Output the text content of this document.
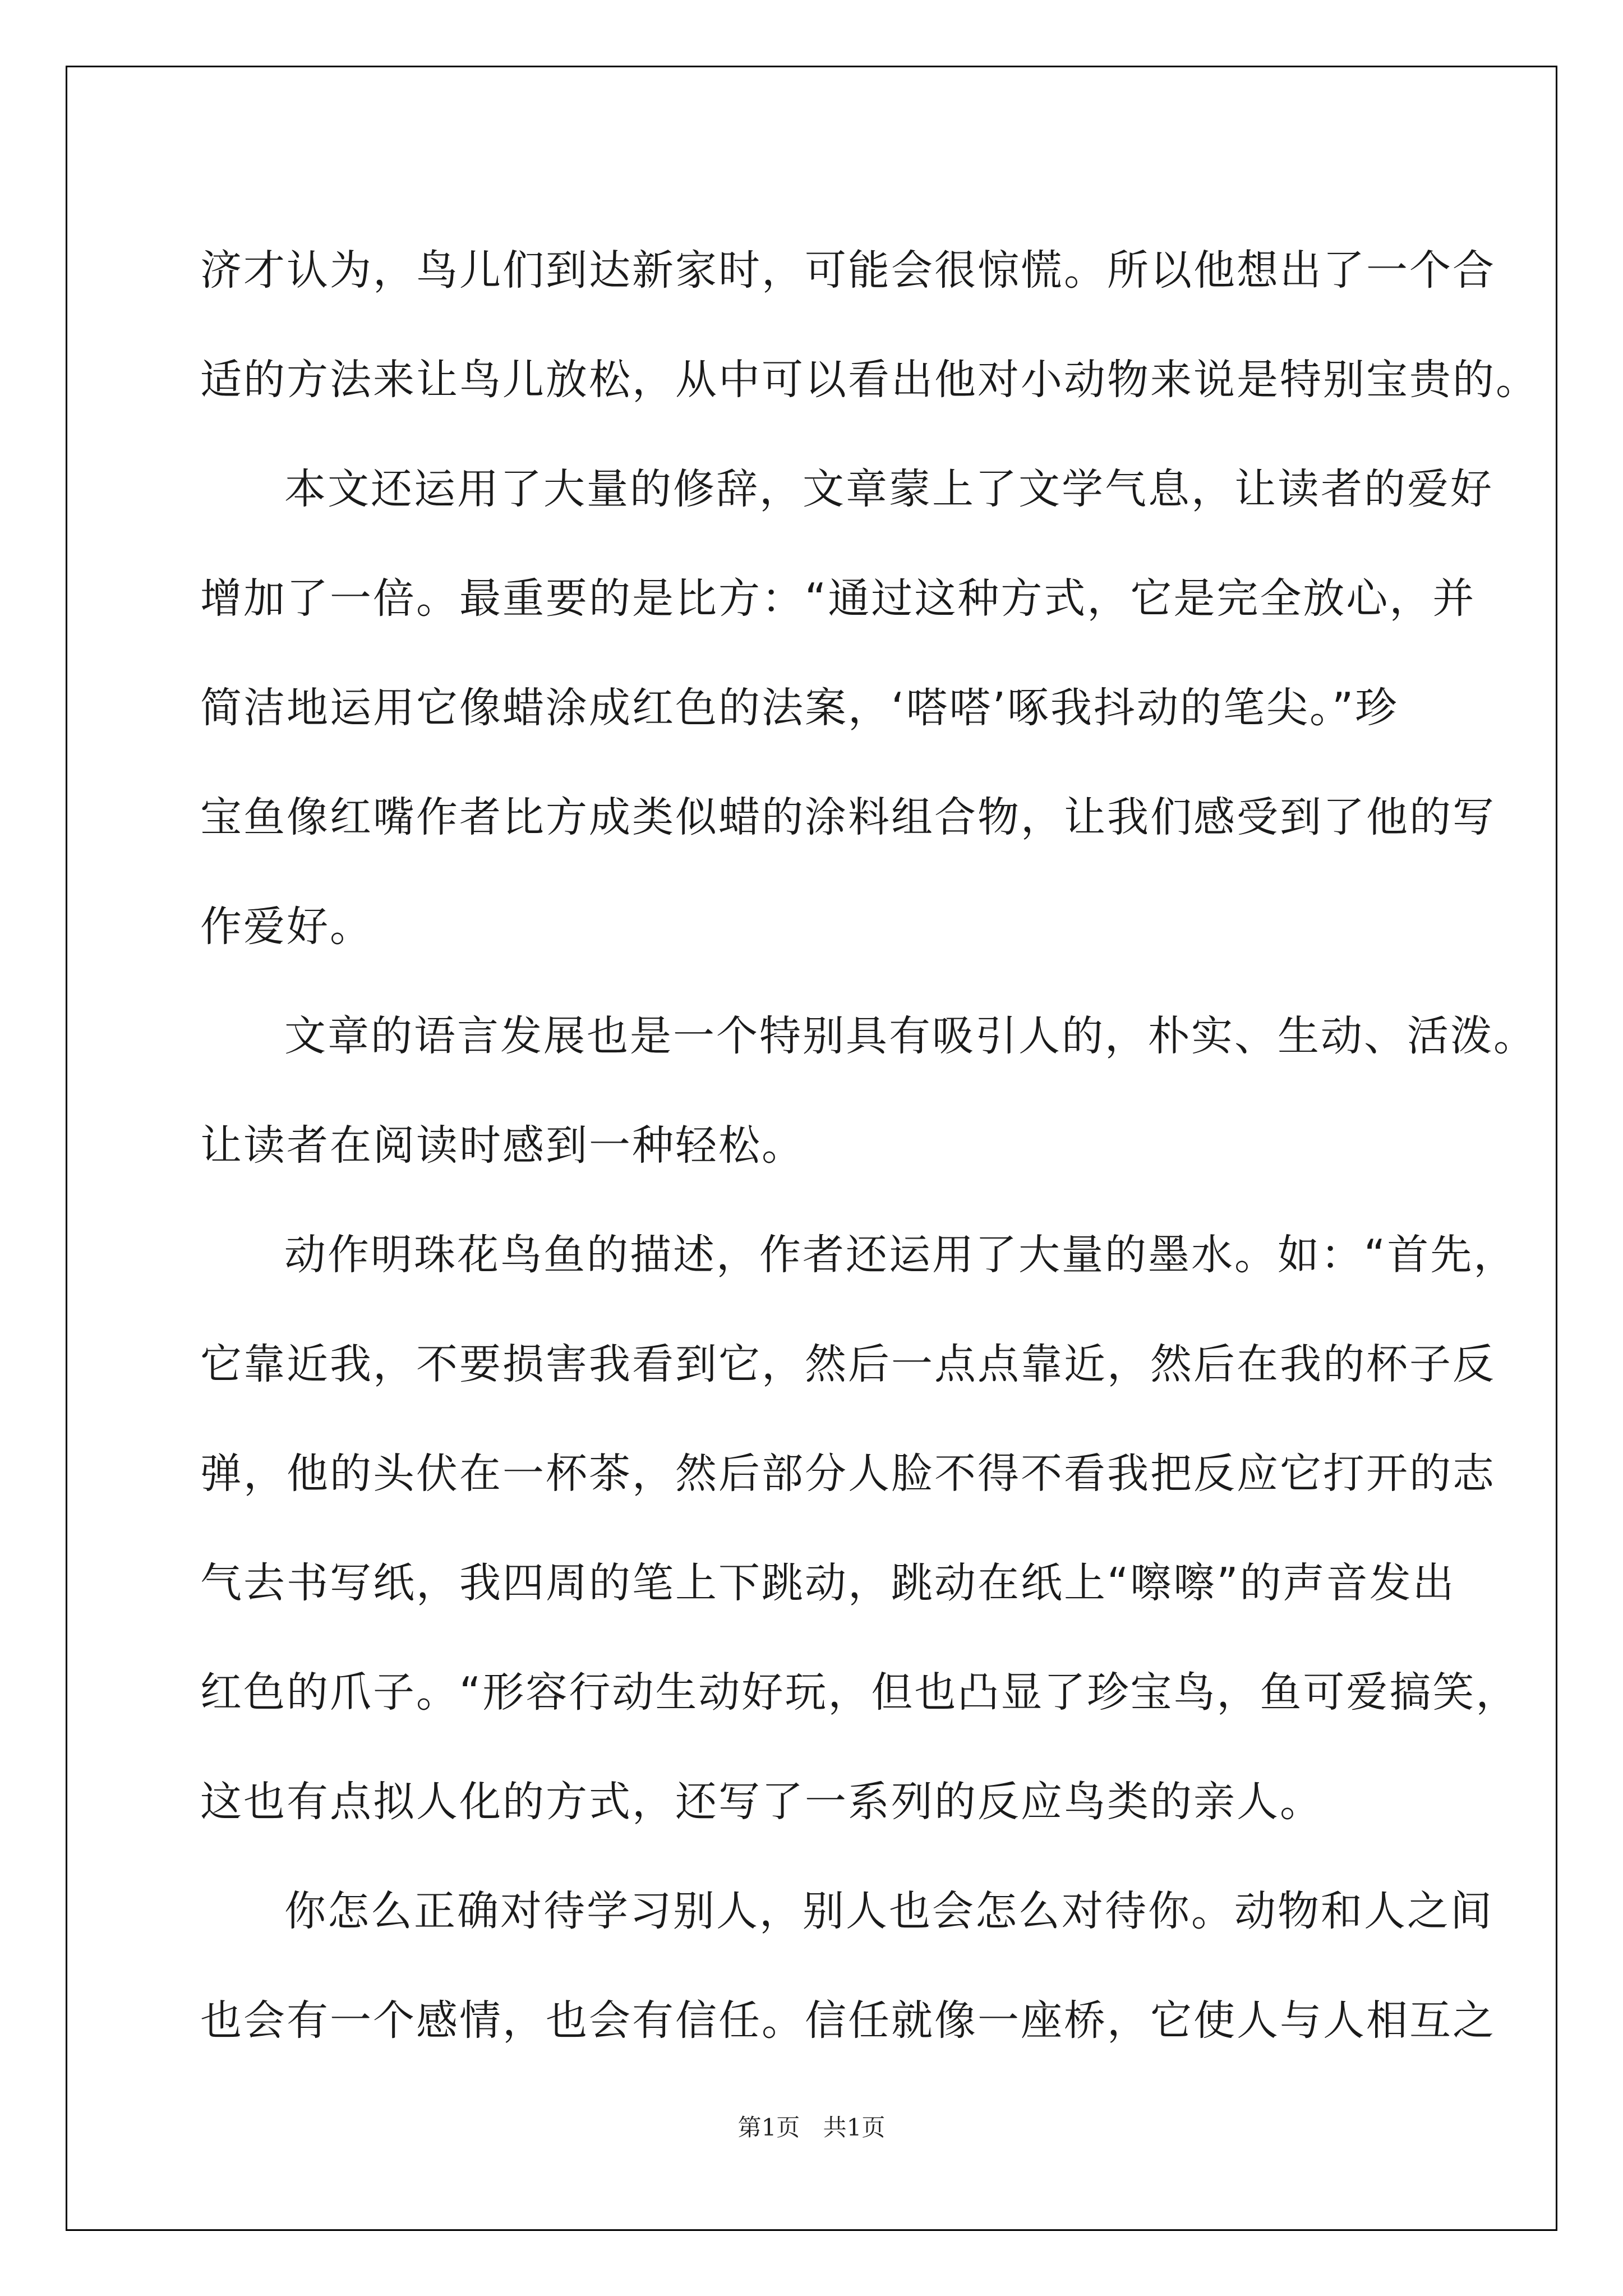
济才认为，鸟儿们到达新家时，可能会很惊慌。所以他想出了一个合

适的方法来让鸟儿放松，从中可以看出他对小动物来说是特别宝贵的。

本文还运用了大量的修辞，文章蒙上了文学气息，让读者的爱好

增加了一倍。最重要的是比方：“通过这种方式，它是完全放心，并

简洁地运用它像蜡涂成红色的法案，‘嗒嗒’啄我抖动的笔尖。”珍

宝鱼像红嘴作者比方成类似蜡的涂料组合物，让我们感受到了他的写

作爱好。

文章的语言发展也是一个特别具有吸引人的，朴实、生动、活泼。

让读者在阅读时感到一种轻松。

动作明珠花鸟鱼的描述，作者还运用了大量的墨水。如：“首先，

它靠近我，不要损害我看到它，然后一点点靠近，然后在我的杯子反

弹，他的头伏在一杯茶，然后部分人脸不得不看我把反应它打开的志

气去书写纸，我四周的笔上下跳动，跳动在纸上“嚓嚓”的声音发出

红色的爪子。“形容行动生动好玩，但也凸显了珍宝鸟，鱼可爱搞笑，

这也有点拟人化的方式，还写了一系列的反应鸟类的亲人。

你怎么正确对待学习别人，别人也会怎么对待你。动物和人之间

也会有一个感情，也会有信任。信任就像一座桥，它使人与人相互之

第1页 共1页
